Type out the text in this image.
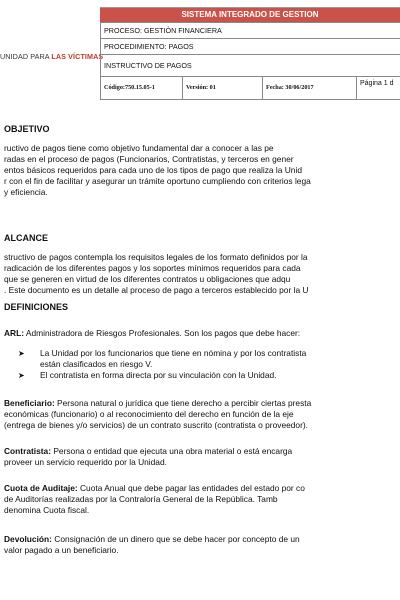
UNIDAD PARA LAS VÍCTIMAS
SISTEMA INTEGRADO DE GESTION
PROCESO: GESTIÓN FINANCIERA
PROCEDIMIENTO: PAGOS
INSTRUCTIVO DE PAGOS
Código:750.15.05-1	Versión: 01	Fecha: 30/06/2017
Página 1 d
OBJETIVO
ructivo de pagos tiene como objetivo fundamental dar a conocer a las pe
radas en el proceso de pagos (Funcionarios, Contratistas, y terceros en gener
entos básicos requeridos para cada uno de los tipos de pago que realiza la Unid
r con el fin de facilitar y asegurar un trámite oportuno cumpliendo con criterios lega
y eficiencia.
ALCANCE
structivo de pagos contempla los requisitos legales de los formato definidos por la
radicación de los diferentes pagos y los soportes mínimos requeridos para cada
que se generen en virtud de los diferentes contratos u obligaciones que adqu
. Este documento es un detalle al proceso de pago a terceros establecido por la U
DEFINICIONES
ARL: Administradora de Riesgos Profesionales. Son los pagos que debe hacer:
➤ La Unidad por los funcionarios que tiene en nómina y por los contratista
están clasificados en riesgo V.
➤ El contratista en forma directa por su vinculación con la Unidad.
Beneficiario: Persona natural o jurídica que tiene derecho a percibir ciertas presta
económicas (funcionario) o al reconocimiento del derecho en función de la eje
(entrega de bienes y/o servicios) de un contrato suscrito (contratista o proveedor).
Contratista: Persona o entidad que ejecuta una obra material o está encarga
proveer un servicio requerido por la Unidad.
Cuota de Auditaje: Cuota Anual que debe pagar las entidades del estado por co
de Auditorías realizadas por la Contraloría General de la República. Tamb
denomina Cuota fiscal.
Devolución: Consignación de un dinero que se debe hacer por concepto de un
valor pagado a un beneficiario.
